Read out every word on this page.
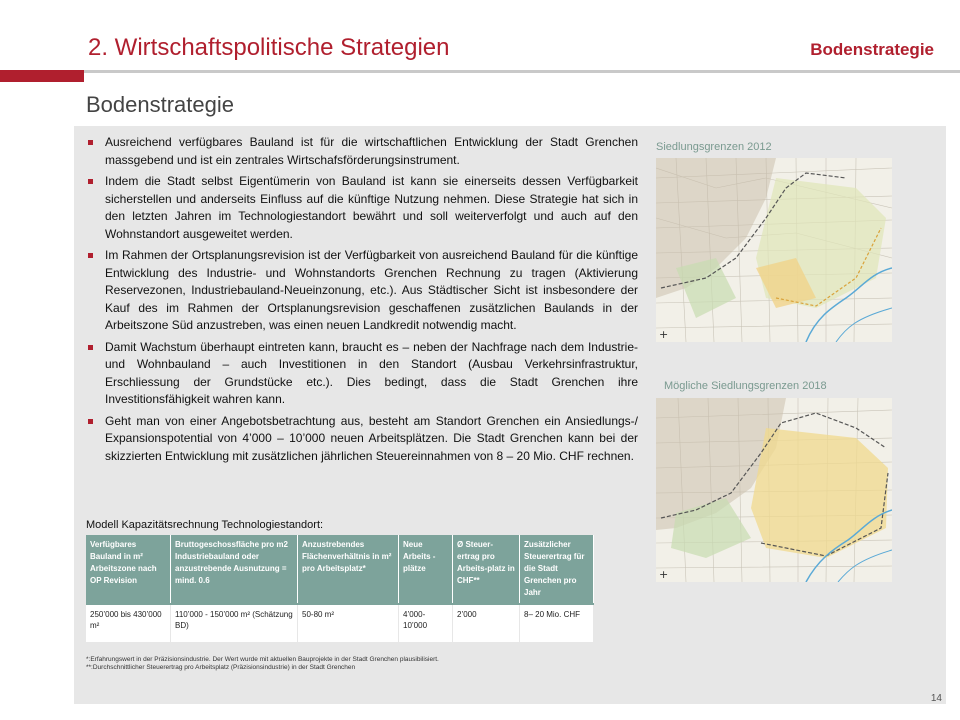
2. Wirtschaftspolitische Strategien	Bodenstrategie
Bodenstrategie
Ausreichend verfügbares Bauland ist für die wirtschaftlichen Entwicklung der Stadt Grenchen massgebend und ist ein zentrales Wirtschafsförderungsinstrument.
Indem die Stadt selbst Eigentümerin von Bauland ist kann sie einerseits dessen Verfügbarkeit sicherstellen und anderseits Einfluss auf die künftige Nutzung nehmen. Diese Strategie hat sich in den letzten Jahren im Technologiestandort bewährt und soll weiterverfolgt und auch auf den Wohnstandort ausgeweitet werden.
Im Rahmen der Ortsplanungsrevision ist der Verfügbarkeit von ausreichend Bauland für die künftige Entwicklung des Industrie- und Wohnstandorts Grenchen Rechnung zu tragen (Aktivierung Reservezonen, Industriebauland-Neueinzonung, etc.). Aus Städtischer Sicht ist insbesondere der Kauf des im Rahmen der Ortsplanungsrevision geschaffenen zusätzlichen Baulands in der Arbeitszone Süd anzustreben, was einen neuen Landkredit notwendig macht.
Damit Wachstum überhaupt eintreten kann, braucht es – neben der Nachfrage nach dem Industrie- und Wohnbauland – auch Investitionen in den Standort (Ausbau Verkehrsinfrastruktur, Erschliessung der Grundstücke etc.). Dies bedingt, dass die Stadt Grenchen ihre Investitionsfähigkeit wahren kann.
Geht man von einer Angebotsbetrachtung aus, besteht am Standort Grenchen ein Ansiedlungs-/ Expansionspotential von 4’000 – 10’000 neuen Arbeitsplätzen. Die Stadt Grenchen kann bei der skizzierten Entwicklung mit zusätzlichen jährlichen Steuereinnahmen von 8 – 20 Mio. CHF rechnen.
Modell Kapazitätsrechnung Technologiestandort:
Verfügbares Bauland in m² Arbeitszone nach OP Revision	Bruttogeschossfläche pro m2 Industriebauland oder anzustrebende Ausnutzung = mind. 0.6	Anzustrebendes Flächenverhältnis in m² pro Arbeitsplatz*	Neue Arbeits -plätze	Ø Steuer-ertrag pro Arbeits-platz in CHF**	Zusätzlicher Steuerertrag für die Stadt Grenchen pro Jahr
250’000 bis 430’000 m²	110’000 - 150’000 m² (Schätzung BD)	50-80 m²	4’000-10’000	2’000	8– 20 Mio. CHF
*:Erfahrungswert in der Präzisionsindustrie. Der Wert wurde mit aktuellen Bauprojekte in der Stadt Grenchen plausibilisiert.
**:Durchschnittlicher Steuerertrag pro Arbeitsplatz (Präzisionsindustrie) in der Stadt Grenchen
Siedlungsgrenzen 2012
+
Mögliche Siedlungsgrenzen 2018
+
14
